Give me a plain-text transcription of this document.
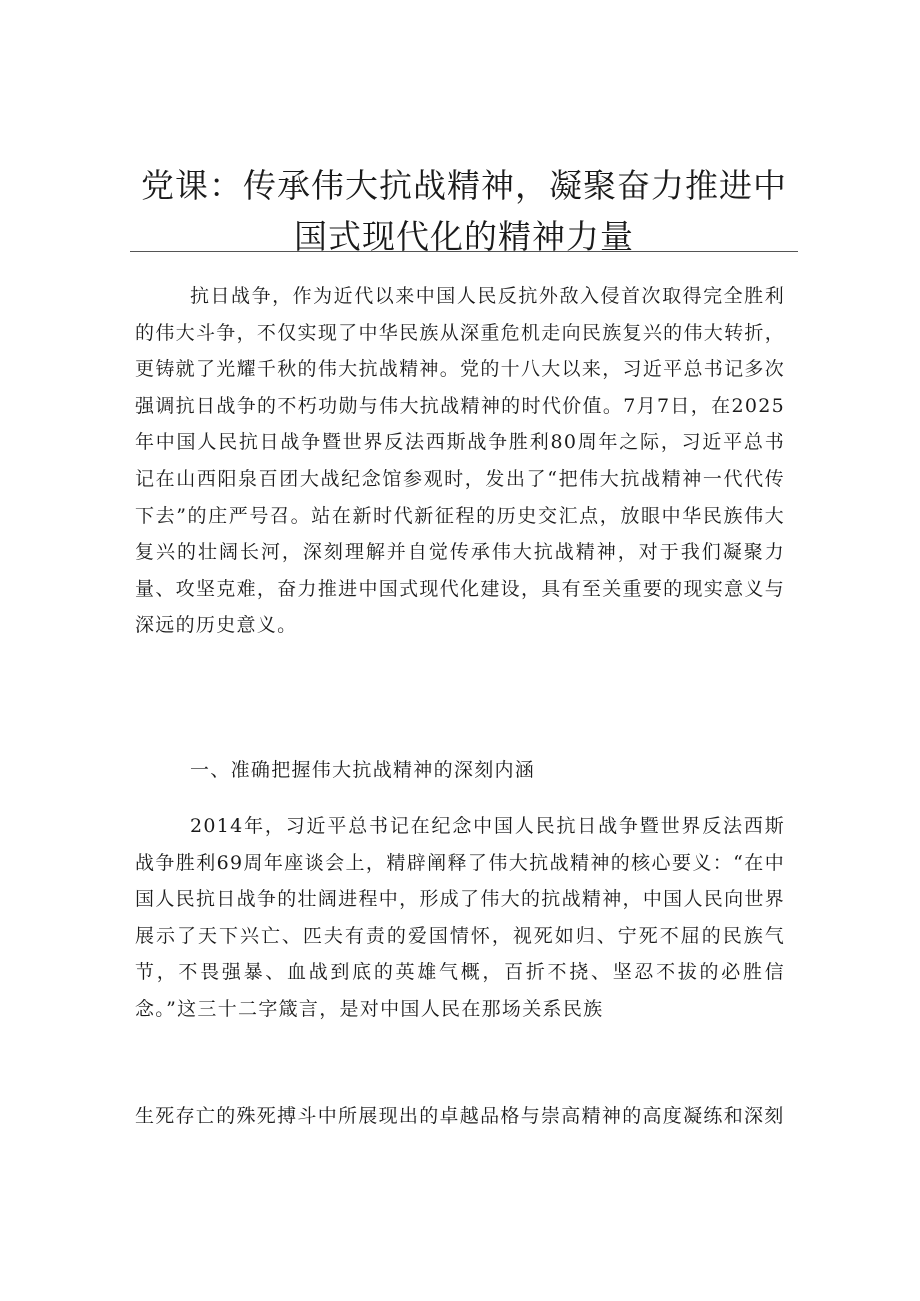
党课：传承伟大抗战精神，凝聚奋力推进中国式现代化的精神力量

抗日战争，作为近代以来中国人民反抗外敌入侵首次取得完全胜利的伟大斗争，不仅实现了中华民族从深重危机走向民族复兴的伟大转折，更铸就了光耀千秋的伟大抗战精神。党的十八大以来，习近平总书记多次强调抗日战争的不朽功勋与伟大抗战精神的时代价值。7月7日，在2025年中国人民抗日战争暨世界反法西斯战争胜利80周年之际，习近平总书记在山西阳泉百团大战纪念馆参观时，发出了“把伟大抗战精神一代代传下去”的庄严号召。站在新时代新征程的历史交汇点，放眼中华民族伟大复兴的壮阔长河，深刻理解并自觉传承伟大抗战精神，对于我们凝聚力量、攻坚克难，奋力推进中国式现代化建设，具有至关重要的现实意义与深远的历史意义。

一、准确把握伟大抗战精神的深刻内涵

2014年，习近平总书记在纪念中国人民抗日战争暨世界反法西斯战争胜利69周年座谈会上，精辟阐释了伟大抗战精神的核心要义：“在中国人民抗日战争的壮阔进程中，形成了伟大的抗战精神，中国人民向世界展示了天下兴亡、匹夫有责的爱国情怀，视死如归、宁死不屈的民族气节，不畏强暴、血战到底的英雄气概，百折不挠、坚忍不拔的必胜信念。”这三十二字箴言，是对中国人民在那场关系民族

生死存亡的殊死搏斗中所展现出的卓越品格与崇高精神的高度凝练和深刻
